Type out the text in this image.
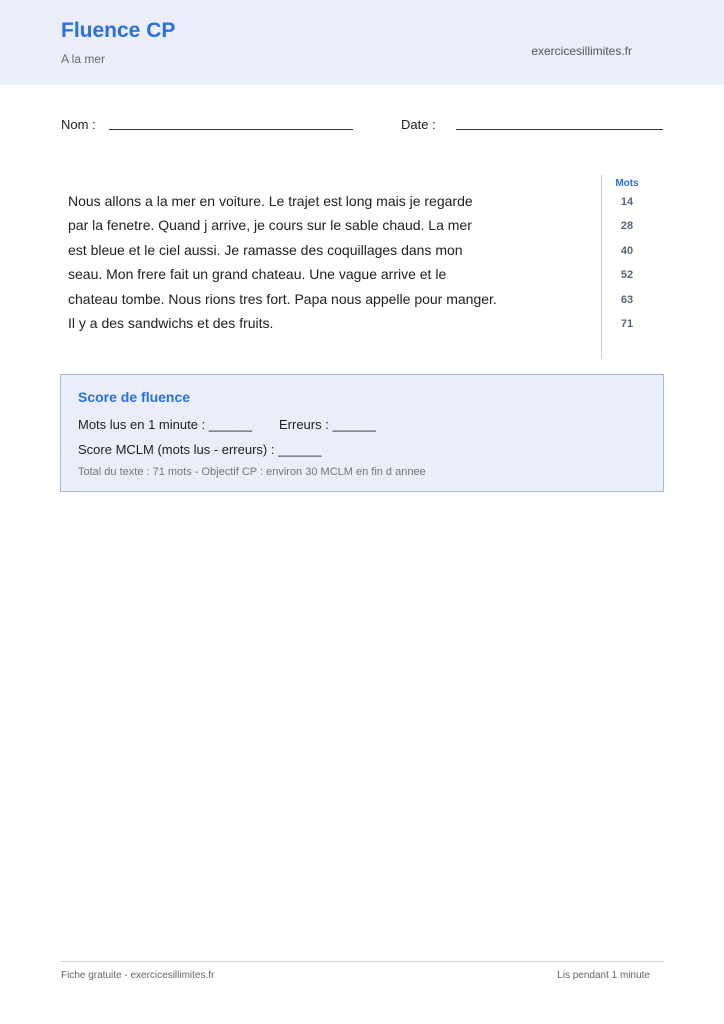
Fluence CP
A la mer
exercicesillimites.fr
Nom :	Date :
Nous allons a la mer en voiture. Le trajet est long mais je regarde
par la fenetre. Quand j arrive, je cours sur le sable chaud. La mer
est bleue et le ciel aussi. Je ramasse des coquillages dans mon
seau. Mon frere fait un grand chateau. Une vague arrive et le
chateau tombe. Nous rions tres fort. Papa nous appelle pour manger.
Il y a des sandwichs et des fruits.
Mots
14
28
40
52
63
71
Score de fluence
Mots lus en 1 minute : ______ Erreurs : ______
Score MCLM (mots lus - erreurs) : ______
Total du texte : 71 mots - Objectif CP : environ 30 MCLM en fin d annee
Fiche gratuite - exercicesillimites.fr	Lis pendant 1 minute
